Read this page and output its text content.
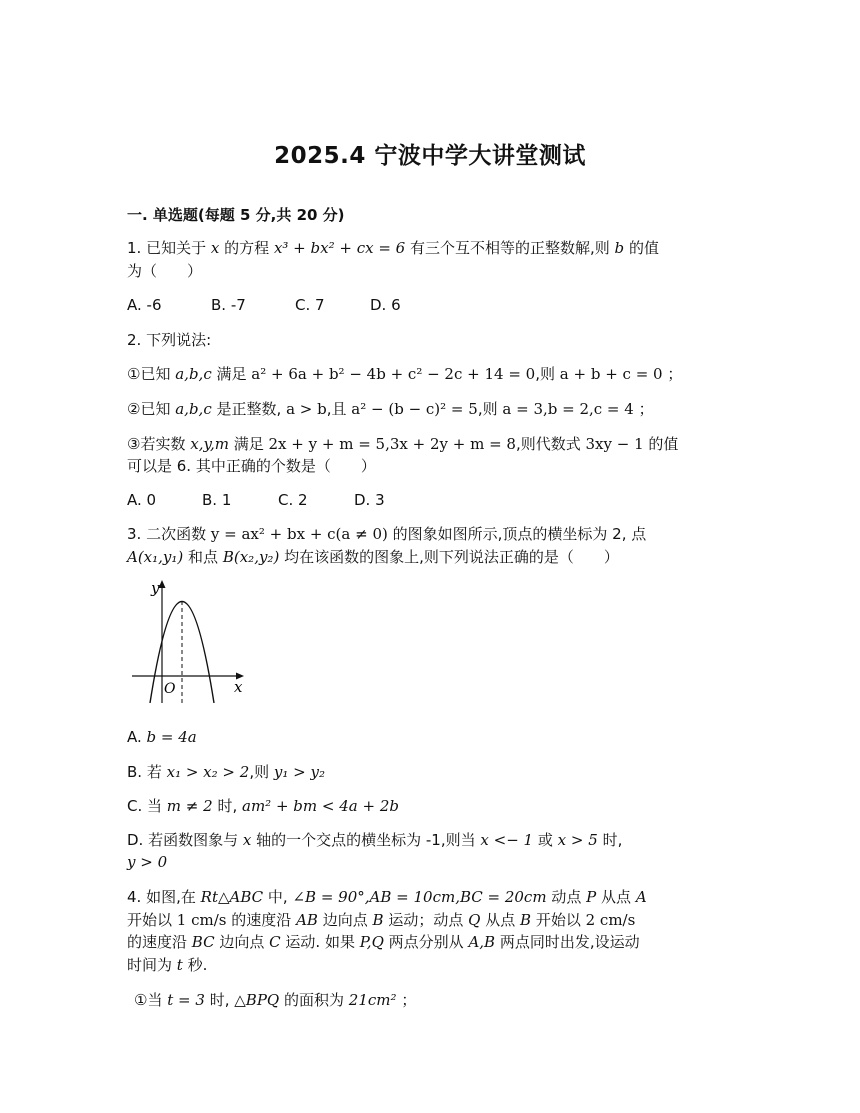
2025.4 宁波中学大讲堂测试
一. 单选题(每题 5 分,共 20 分)
1. 已知关于 x 的方程 x³ + bx² + cx = 6 有三个互不相等的正整数解,则 b 的值
为（　　）
A. -6	B. -7	C. 7	D. 6
2. 下列说法:
①已知 a,b,c 满足 a² + 6a + b² − 4b + c² − 2c + 14 = 0,则 a + b + c = 0 ；
②已知 a,b,c 是正整数, a > b,且 a² − (b − c)² = 5,则 a = 3,b = 2,c = 4 ；
③若实数 x,y,m 满足 2x + y + m = 5,3x + 2y + m = 8,则代数式 3xy − 1 的值
可以是 6. 其中正确的个数是（　　）
A. 0	B. 1	C. 2	D. 3
3. 二次函数 y = ax² + bx + c(a ≠ 0) 的图象如图所示,顶点的横坐标为 2, 点
A(x₁,y₁) 和点 B(x₂,y₂) 均在该函数的图象上,则下列说法正确的是（　　）
y
x
O
A. b = 4a
B. 若 x₁ > x₂ > 2,则 y₁ > y₂
C. 当 m ≠ 2 时, am² + bm < 4a + 2b
D. 若函数图象与 x 轴的一个交点的横坐标为 -1,则当 x <− 1 或 x > 5 时,
y > 0
4. 如图,在 Rt△ABC 中, ∠B = 90°,AB = 10cm,BC = 20cm 动点 P 从点 A
开始以 1 cm/s 的速度沿 AB 边向点 B 运动；动点 Q 从点 B 开始以 2 cm/s
的速度沿 BC 边向点 C 运动. 如果 P,Q 两点分别从 A,B 两点同时出发,设运动
时间为 t 秒.
①当 t = 3 时, △BPQ 的面积为 21cm² ；
